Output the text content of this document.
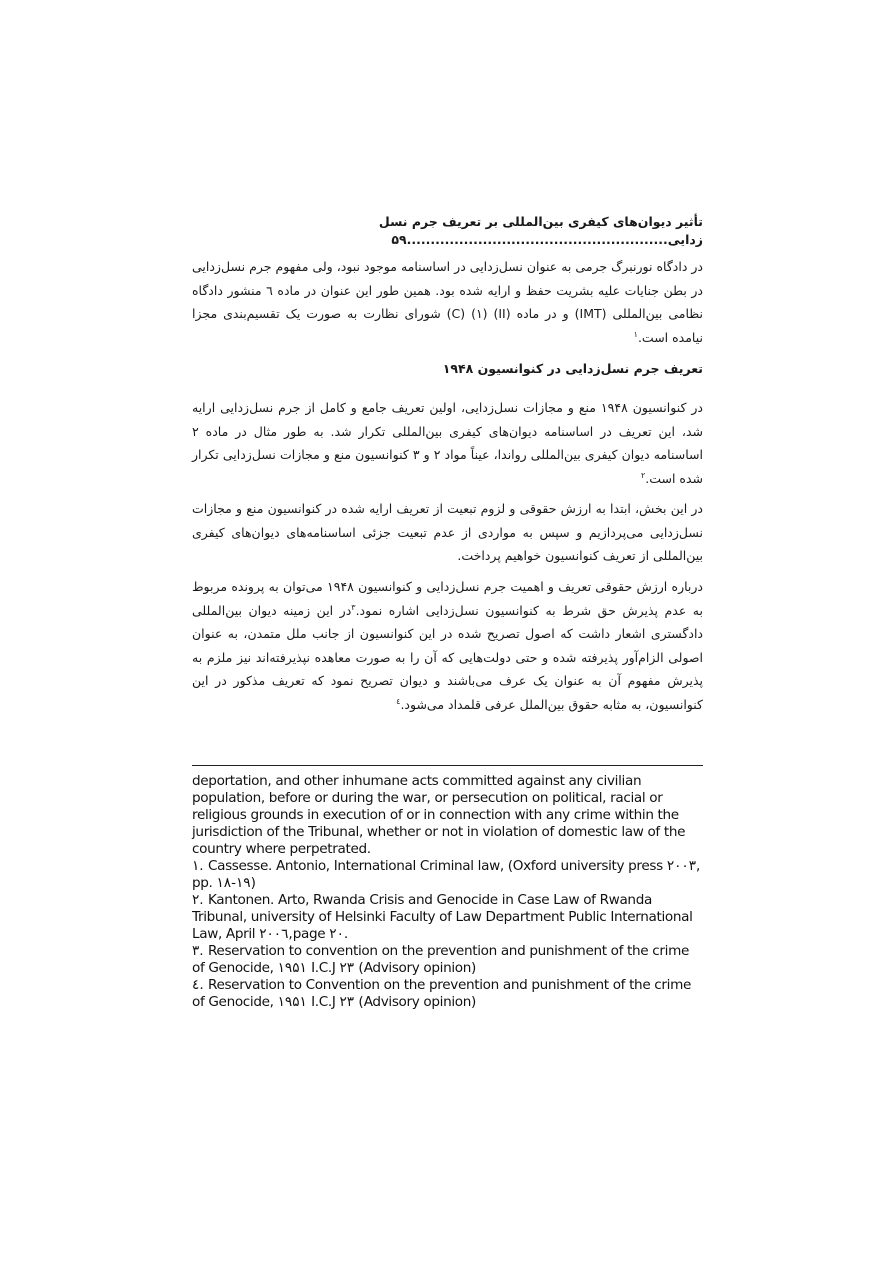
تأثیر دیوان‌های کیفری بین‌المللی بر تعریف جرم نسل
زدایی.......................................................۵۹
در دادگاه نورنبرگ جرمی به عنوان نسل‌زدایی در اساسنامه موجود نبود، ولی مفهوم جرم نسل‌زدایی در بطن جنایات علیه بشریت حفظ و ارایه شده بود. همین طور این عنوان در ماده ٦ منشور دادگاه نظامی بین‌المللی (IMT) و در ماده (II) (۱) (C) شورای نظارت به صورت یک تقسیم‌بندی مجزا نیامده است.$^۱$
تعریف جرم نسل‌زدایی در کنوانسیون ۱۹۴۸
در کنوانسیون ۱۹۴۸ منع و مجازات نسل‌زدایی، اولین تعریف جامع و کامل از جرم نسل‌زدایی ارایه شد، این تعریف در اساسنامه دیوان‌های کیفری بین‌المللی تکرار شد. به طور مثال در ماده ۲ اساسنامه دیوان کیفری بین‌المللی رواندا، عیناً مواد ۲ و ۳ کنوانسیون منع و مجازات نسل‌زدایی تکرار شده است.$^۲$
در این بخش، ابتدا به ارزش حقوقی و لزوم تبعیت از تعریف ارایه شده در کنوانسیون منع و مجازات نسل‌زدایی می‌پردازیم و سپس به مواردی از عدم تبعیت جزئی اساسنامه‌های دیوان‌های کیفری بین‌المللی از تعریف کنوانسیون خواهیم پرداخت.
درباره ارزش حقوقی تعریف و اهمیت جرم نسل‌زدایی و کنوانسیون ۱۹۴۸ می‌توان به پرونده مربوط به عدم پذیرش حق شرط به کنوانسیون نسل‌زدایی اشاره نمود.$^۳$در این زمینه دیوان بین‌المللی دادگستری اشعار داشت که اصول تصریح شده در این کنوانسیون از جانب ملل متمدن، به عنوان اصولی الزام‌آور پذیرفته شده و حتی دولت‌هایی که آن را به صورت معاهده نپذیرفته‌اند نیز ملزم به پذیرش مفهوم آن به عنوان یک عرف می‌باشند و دیوان تصریح نمود که تعریف مذکور در این کنوانسیون، به مثابه حقوق بین‌الملل عرفی قلمداد می‌شود.$^٤$
deportation, and other inhumane acts committed against any civilian population, before or during the war, or persecution on political, racial or religious grounds in execution of or in connection with any crime within the jurisdiction of the Tribunal, whether or not in violation of domestic law of the country where perpetrated.
۱. Cassesse. Antonio, International Criminal law, (Oxford university press ۲۰۰۳, pp. ۱۸-۱۹)
۲. Kantonen. Arto, Rwanda Crisis and Genocide in Case Law of Rwanda Tribunal, university of Helsinki Faculty of Law Department Public International Law, April ۲۰۰٦,page ۲۰.
۳. Reservation to convention on the prevention and punishment of the crime of Genocide, ۱۹۵۱ I.C.J ۲۳ (Advisory opinion)
٤. Reservation to Convention on the prevention and punishment of the crime of Genocide, ۱۹۵۱ I.C.J ۲۳ (Advisory opinion)
